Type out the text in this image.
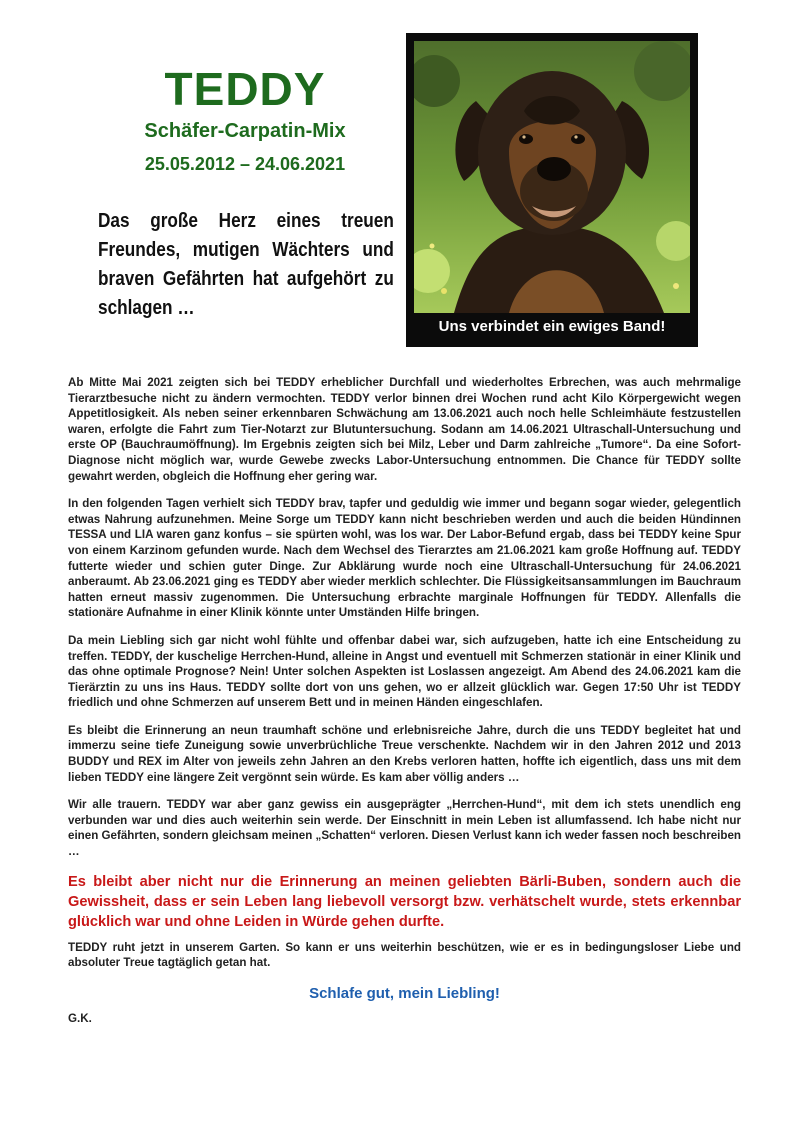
TEDDY
Schäfer-Carpatin-Mix
25.05.2012 – 24.06.2021
Das große Herz eines treuen Freundes, mutigen Wächters und braven Gefährten hat aufgehört zu schlagen …
Uns verbindet ein ewiges Band!

Ab Mitte Mai 2021 zeigten sich bei TEDDY erheblicher Durchfall und wiederholtes Erbrechen, was auch mehrmalige Tierarztbesuche nicht zu ändern vermochten. TEDDY verlor binnen drei Wochen rund acht Kilo Körpergewicht wegen Appetitlosigkeit. Als neben seiner erkennbaren Schwächung am 13.06.2021 auch noch helle Schleimhäute festzustellen waren, erfolgte die Fahrt zum Tier-Notarzt zur Blutuntersuchung. Sodann am 14.06.2021 Ultraschall-Untersuchung und erste OP (Bauchraumöffnung). Im Ergebnis zeigten sich bei Milz, Leber und Darm zahlreiche „Tumore“. Da eine Sofort-Diagnose nicht möglich war, wurde Gewebe zwecks Labor-Untersuchung entnommen. Die Chance für TEDDY sollte gewahrt werden, obgleich die Hoffnung eher gering war.

In den folgenden Tagen verhielt sich TEDDY brav, tapfer und geduldig wie immer und begann sogar wieder, gelegentlich etwas Nahrung aufzunehmen. Meine Sorge um TEDDY kann nicht beschrieben werden und auch die beiden Hündinnen TESSA und LIA waren ganz konfus – sie spürten wohl, was los war. Der Labor-Befund ergab, dass bei TEDDY keine Spur von einem Karzinom gefunden wurde. Nach dem Wechsel des Tierarztes am 21.06.2021 kam große Hoffnung auf. TEDDY futterte wieder und schien guter Dinge. Zur Abklärung wurde noch eine Ultraschall-Untersuchung für 24.06.2021 anberaumt. Ab 23.06.2021 ging es TEDDY aber wieder merklich schlechter. Die Flüssigkeitsansammlungen im Bauchraum hatten erneut massiv zugenommen. Die Untersuchung erbrachte marginale Hoffnungen für TEDDY. Allenfalls die stationäre Aufnahme in einer Klinik könnte unter Umständen Hilfe bringen.

Da mein Liebling sich gar nicht wohl fühlte und offenbar dabei war, sich aufzugeben, hatte ich eine Entscheidung zu treffen. TEDDY, der kuschelige Herrchen-Hund, alleine in Angst und eventuell mit Schmerzen stationär in einer Klinik und das ohne optimale Prognose? Nein! Unter solchen Aspekten ist Loslassen angezeigt. Am Abend des 24.06.2021 kam die Tierärztin zu uns ins Haus. TEDDY sollte dort von uns gehen, wo er allzeit glücklich war. Gegen 17:50 Uhr ist TEDDY friedlich und ohne Schmerzen auf unserem Bett und in meinen Händen eingeschlafen.

Es bleibt die Erinnerung an neun traumhaft schöne und erlebnisreiche Jahre, durch die uns TEDDY begleitet hat und immerzu seine tiefe Zuneigung sowie unverbrüchliche Treue verschenkte. Nachdem wir in den Jahren 2012 und 2013 BUDDY und REX im Alter von jeweils zehn Jahren an den Krebs verloren hatten, hoffte ich eigentlich, dass uns mit dem lieben TEDDY eine längere Zeit vergönnt sein würde. Es kam aber völlig anders …

Wir alle trauern. TEDDY war aber ganz gewiss ein ausgeprägter „Herrchen-Hund“, mit dem ich stets unendlich eng verbunden war und dies auch weiterhin sein werde. Der Einschnitt in mein Leben ist allumfassend. Ich habe nicht nur einen Gefährten, sondern gleichsam meinen „Schatten“ verloren. Diesen Verlust kann ich weder fassen noch beschreiben …

Es bleibt aber nicht nur die Erinnerung an meinen geliebten Bärli-Buben, sondern auch die Gewissheit, dass er sein Leben lang liebevoll versorgt bzw. verhätschelt wurde, stets erkennbar glücklich war und ohne Leiden in Würde gehen durfte.

TEDDY ruht jetzt in unserem Garten. So kann er uns weiterhin beschützen, wie er es in bedingungsloser Liebe und absoluter Treue tagtäglich getan hat.

Schlafe gut, mein Liebling!

G.K.
